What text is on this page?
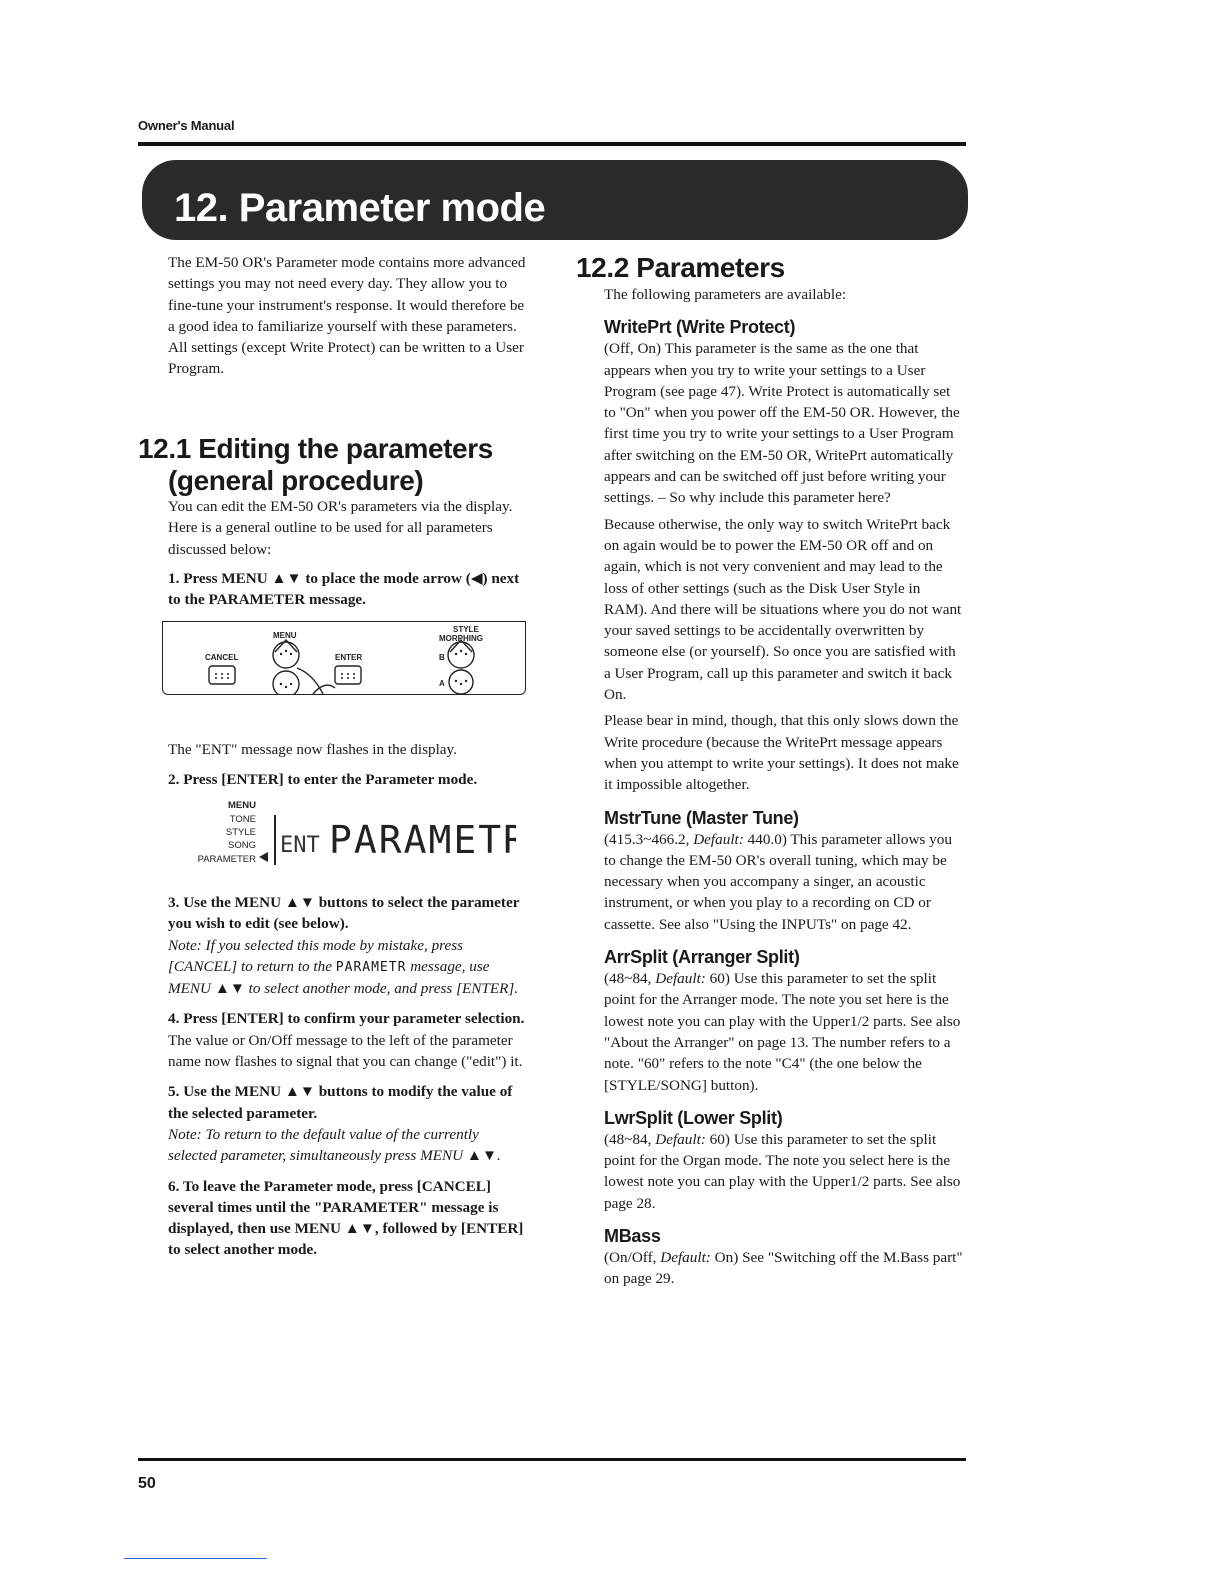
Owner's Manual
12. Parameter mode

The EM-50 OR's Parameter mode contains more advanced settings you may not need every day. They allow you to fine-tune your instrument's response. It would therefore be a good idea to familiarize yourself with these parameters. All settings (except Write Protect) can be written to a User Program.

12.1 Editing the parameters
(general procedure)

You can edit the EM-50 OR's parameters via the display. Here is a general outline to be used for all parameters discussed below:

1. Press MENU ▲▼ to place the mode arrow (◀) next to the PARAMETER message.

MENU
STYLE
MORPHING
CANCEL	ENTER	B
A

The "ENT" message now flashes in the display.

2. Press [ENTER] to enter the Parameter mode.

MENU
TONE
STYLE
SONG
PARAMETER
ENT PARAMETR

3. Use the MENU ▲▼ buttons to select the parameter you wish to edit (see below).

Note: If you selected this mode by mistake, press [CANCEL] to return to the PARAMETR message, use MENU ▲▼ to select another mode, and press [ENTER].

4. Press [ENTER] to confirm your parameter selection.

The value or On/Off message to the left of the parameter name now flashes to signal that you can change ("edit") it.

5. Use the MENU ▲▼ buttons to modify the value of the selected parameter.

Note: To return to the default value of the currently selected parameter, simultaneously press MENU ▲▼.

6. To leave the Parameter mode, press [CANCEL] several times until the "PARAMETER" message is displayed, then use MENU ▲▼, followed by [ENTER] to select another mode.

12.2 Parameters

The following parameters are available:

WritePrt (Write Protect)

(Off, On) This parameter is the same as the one that appears when you try to write your settings to a User Program (see page 47). Write Protect is automatically set to "On" when you power off the EM-50 OR. However, the first time you try to write your settings to a User Program after switching on the EM-50 OR, WritePrt automatically appears and can be switched off just before writing your settings. – So why include this parameter here?

Because otherwise, the only way to switch WritePrt back on again would be to power the EM-50 OR off and on again, which is not very convenient and may lead to the loss of other settings (such as the Disk User Style in RAM). And there will be situations where you do not want your saved settings to be accidentally overwritten by someone else (or yourself). So once you are satisfied with a User Program, call up this parameter and switch it back On.

Please bear in mind, though, that this only slows down the Write procedure (because the WritePrt message appears when you attempt to write your settings). It does not make it impossible altogether.

MstrTune (Master Tune)

(415.3~466.2, Default: 440.0) This parameter allows you to change the EM-50 OR's overall tuning, which may be necessary when you accompany a singer, an acoustic instrument, or when you play to a recording on CD or cassette. See also "Using the INPUTs" on page 42.

ArrSplit (Arranger Split)

(48~84, Default: 60) Use this parameter to set the split point for the Arranger mode. The note you set here is the lowest note you can play with the Upper1/2 parts. See also "About the Arranger" on page 13. The number refers to a note. "60" refers to the note "C4" (the one below the [STYLE/SONG] button).

LwrSplit (Lower Split)

(48~84, Default: 60) Use this parameter to set the split point for the Organ mode. The note you select here is the lowest note you can play with the Upper1/2 parts. See also page 28.

MBass

(On/Off, Default: On) See "Switching off the M.Bass part" on page 29.

50
